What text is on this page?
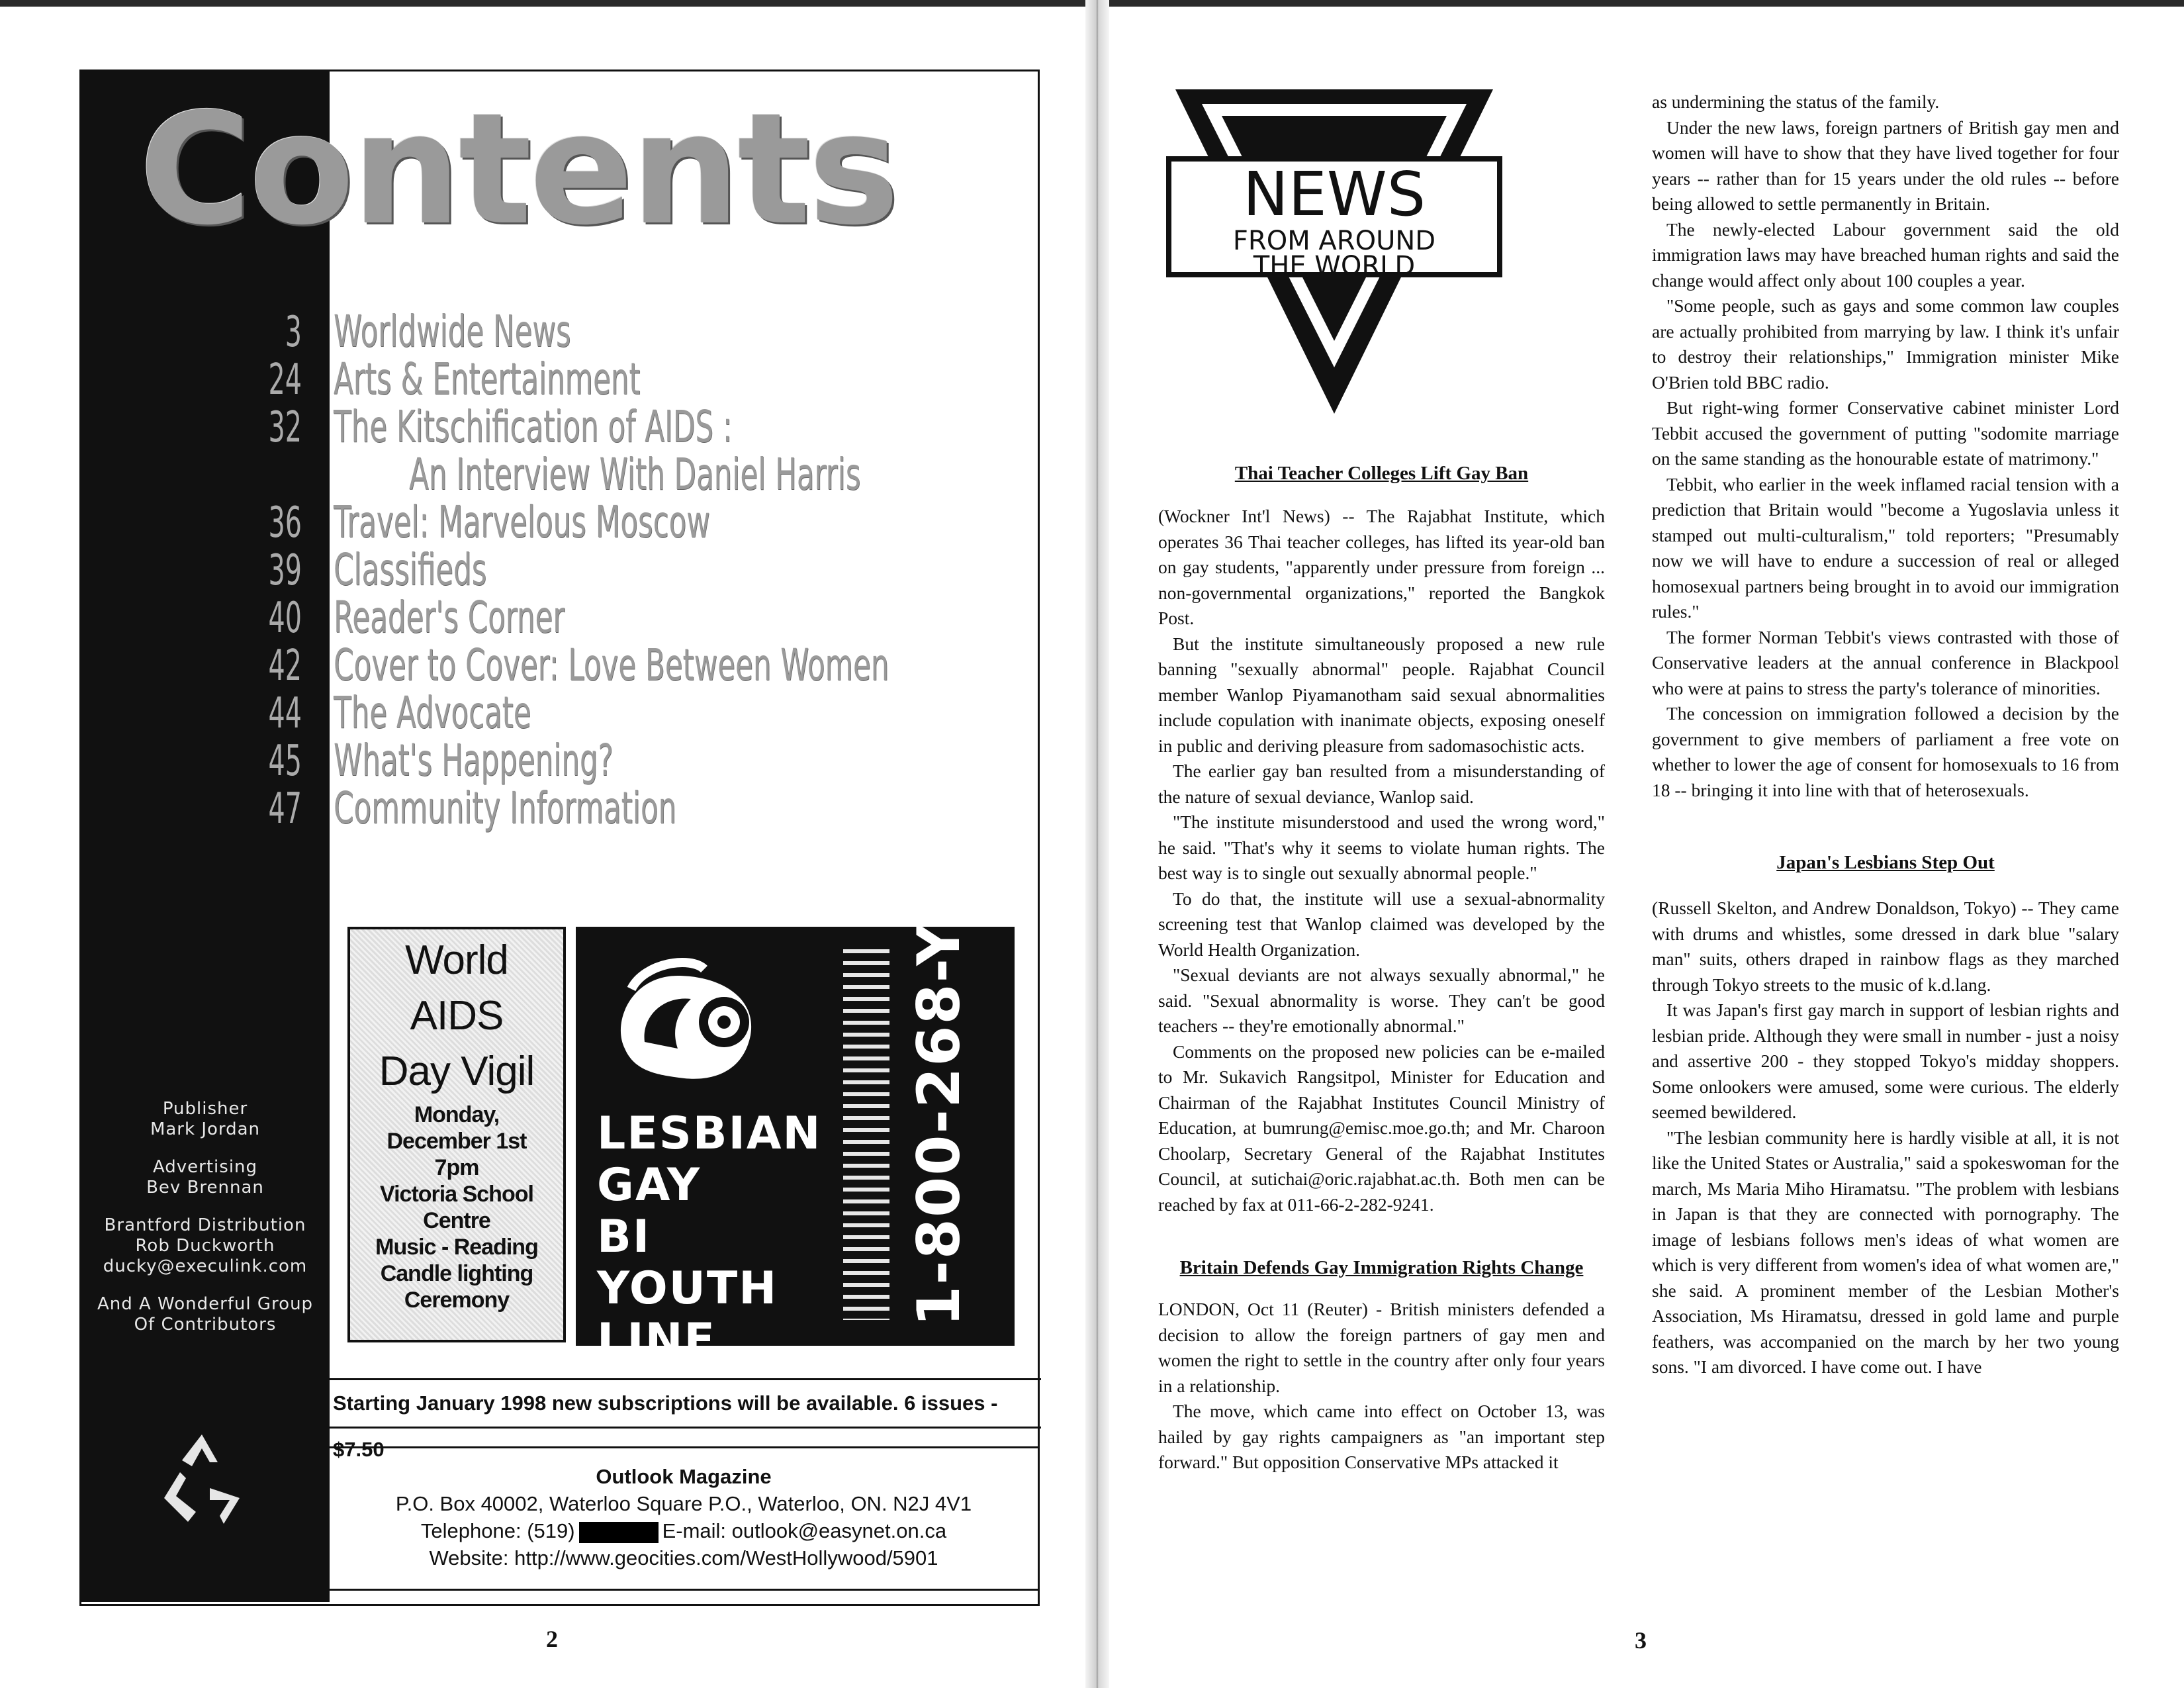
Contents
3 Worldwide News
24 Arts & Entertainment
32 The Kitschification of AIDS :
An Interview With Daniel Harris
36 Travel: Marvelous Moscow
39 Classifieds
40 Reader's Corner
42 Cover to Cover: Love Between Women
44 The Advocate
45 What's Happening?
47 Community Information
Publisher
Mark Jordan
Advertising
Bev Brennan
Brantford Distribution
Rob Duckworth
ducky@execulink.com
And A Wonderful Group
Of Contributors
World
AIDS
Day Vigil
Monday,
December 1st
7pm
Victoria School
Centre
Music - Reading
Candle lighting
Ceremony
LESBIAN
GAY
BI
YOUTH
LINE
1-800-268-YOUTH
Starting January 1998 new subscriptions will be available. 6 issues - $7.50
Outlook Magazine
P.O. Box 40002, Waterloo Square P.O., Waterloo, ON. N2J 4V1
Telephone: (519)	E-mail: outlook@easynet.on.ca
Website: http://www.geocities.com/WestHollywood/5901
2
NEWS
FROM AROUND
THE WORLD

Thai Teacher Colleges Lift Gay Ban

(Wockner Int'l News) -- The Rajabhat Institute, which operates 36 Thai teacher colleges, has lifted its year-old ban on gay students, "apparently under pressure from foreign ... non-governmental organizations," reported the Bangkok Post.

But the institute simultaneously proposed a new rule banning "sexually abnormal" people. Rajabhat Council member Wanlop Piyamanotham said sexual abnormalities include copulation with inanimate objects, exposing oneself in public and deriving pleasure from sadomasochistic acts.

The earlier gay ban resulted from a misunderstanding of the nature of sexual deviance, Wanlop said.

"The institute misunderstood and used the wrong word," he said. "That's why it seems to violate human rights. The best way is to single out sexually abnormal people."

To do that, the institute will use a sexual-abnormality screening test that Wanlop claimed was developed by the World Health Organization.

"Sexual deviants are not always sexually abnormal," he said. "Sexual abnormality is worse. They can't be good teachers -- they're emotionally abnormal."

Comments on the proposed new policies can be e-mailed to Mr. Sukavich Rangsitpol, Minister for Education and Chairman of the Rajabhat Institutes Council Ministry of Education, at bumrung@emisc.moe.go.th; and Mr. Charoon Choolarp, Secretary General of the Rajabhat Institutes Council, at sutichai@oric.rajabhat.ac.th. Both men can be reached by fax at 011-66-2-282-9241.

Britain Defends Gay Immigration Rights Change

LONDON, Oct 11 (Reuter) - British ministers defended a decision to allow the foreign partners of gay men and women the right to settle in the country after only four years in a relationship.

The move, which came into effect on October 13, was hailed by gay rights campaigners as "an important step forward." But opposition Conservative MPs attacked it

as undermining the status of the family.

Under the new laws, foreign partners of British gay men and women will have to show that they have lived together for four years -- rather than for 15 years under the old rules -- before being allowed to settle permanently in Britain.

The newly-elected Labour government said the old immigration laws may have breached human rights and said the change would affect only about 100 couples a year.

"Some people, such as gays and some common law couples are actually prohibited from marrying by law. I think it's unfair to destroy their relationships," Immigration minister Mike O'Brien told BBC radio.

But right-wing former Conservative cabinet minister Lord Tebbit accused the government of putting "sodomite marriage on the same standing as the honourable estate of matrimony."

Tebbit, who earlier in the week inflamed racial tension with a prediction that Britain would "become a Yugoslavia unless it stamped out multi-culturalism," told reporters; "Presumably now we will have to endure a succession of real or alleged homosexual partners being brought in to avoid our immigration rules."

The former Norman Tebbit's views contrasted with those of Conservative leaders at the annual conference in Blackpool who were at pains to stress the party's tolerance of minorities.

The concession on immigration followed a decision by the government to give members of parliament a free vote on whether to lower the age of consent for homosexuals to 16 from 18 -- bringing it into line with that of heterosexuals.

Japan's Lesbians Step Out

(Russell Skelton, and Andrew Donaldson, Tokyo) -- They came with drums and whistles, some dressed in dark blue "salary man" suits, others draped in rainbow flags as they marched through Tokyo streets to the music of k.d.lang.

It was Japan's first gay march in support of lesbian rights and lesbian pride. Although they were small in number - just a noisy and assertive 200 - they stopped Tokyo's midday shoppers. Some onlookers were amused, some were curious. The elderly seemed bewildered.

"The lesbian community here is hardly visible at all, it is not like the United States or Australia," said a spokeswoman for the march, Ms Maria Miho Hiramatsu. "The problem with lesbians in Japan is that they are connected with pornography. The image of lesbians follows men's ideas of what women are which is very different from women's idea of what women are," she said. A prominent member of the Lesbian Mother's Association, Ms Hiramatsu, dressed in gold lame and purple feathers, was accompanied on the march by her two young sons. "I am divorced. I have come out. I have

3
